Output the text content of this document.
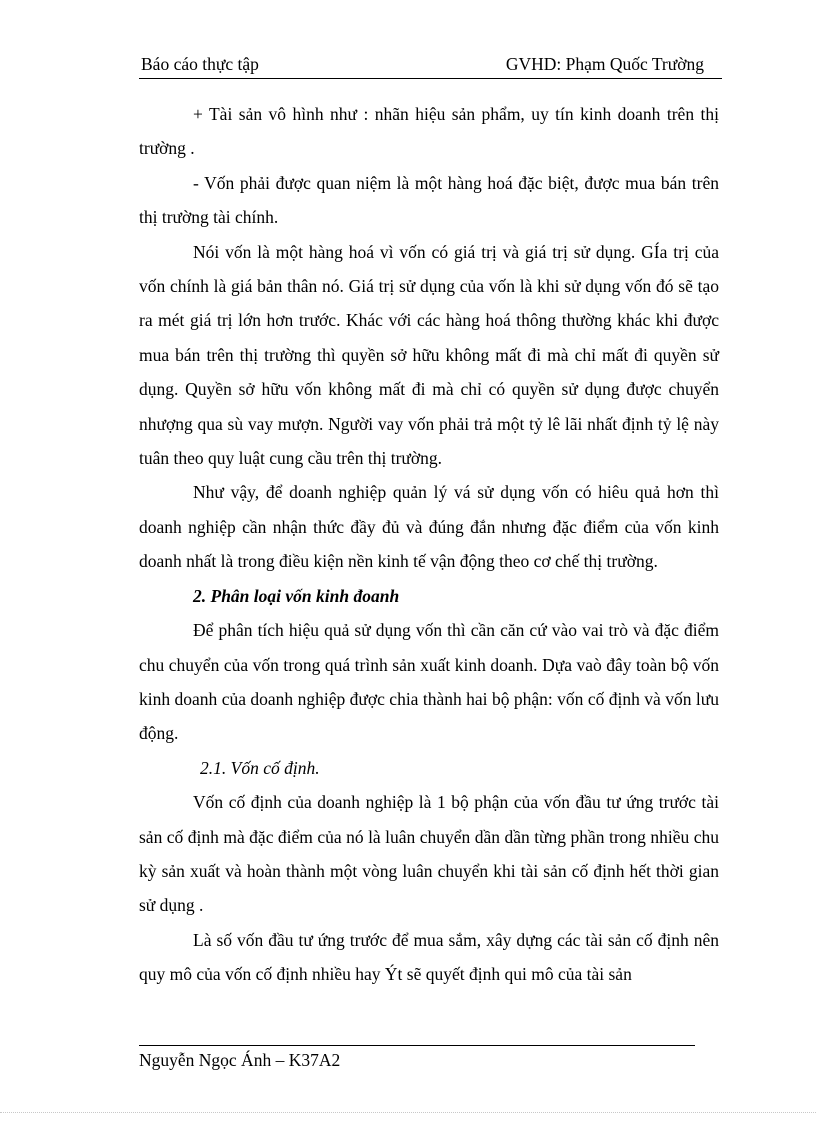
Báo cáo thực tập	GVHD: Phạm Quốc Trường

+ Tài sản vô hình như : nhãn hiệu sản phẩm, uy tín kinh doanh trên thị trường .

- Vốn phải được quan niệm là một hàng hoá đặc biệt, được mua bán trên thị trường tài chính.

Nói vốn là một hàng hoá vì vốn có giá trị và giá trị sử dụng. GÍa trị của vốn chính là giá bản thân nó. Giá trị sử dụng của vốn là khi sử dụng vốn đó sẽ tạo ra mét giá trị lớn hơn trước. Khác với các hàng hoá thông thường khác khi được mua bán trên thị trường thì quyền sở hữu không mất đi mà chỉ mất đi quyền sử dụng. Quyền sở hữu vốn không mất đi mà chỉ có quyền sử dụng được chuyển nhượng qua sù vay mượn. Người vay vốn phải trả một tỷ lê lãi nhất định tỷ lệ này tuân theo quy luật cung cầu trên thị trường.

Như vậy, để doanh nghiệp quản lý vá sử dụng vốn có hiêu quả hơn thì doanh nghiệp cần nhận thức đầy đủ và đúng đắn nhưng đặc điểm của vốn kinh doanh nhất là trong điều kiện nền kinh tế vận động theo cơ chế thị trường.

2. Phân loại vốn kinh đoanh

Để phân tích hiệu quả sử dụng vốn thì cần căn cứ vào vai trò và đặc điểm chu chuyển của vốn trong quá trình sản xuất kinh doanh. Dựa vaò đây toàn bộ vốn kinh doanh của doanh nghiệp được chia thành hai bộ phận: vốn cố định và vốn lưu động.

2.1. Vốn cố định.

Vốn cố định của doanh nghiệp là 1 bộ phận của vốn đầu tư ứng trước tài sản cố định mà đặc điểm của nó là luân chuyển dần dần từng phần trong nhiều chu kỳ sản xuất và hoàn thành một vòng luân chuyển khi tài sản cố định hết thời gian sử dụng .

Là số vốn đầu tư ứng trước để mua sắm, xây dựng các tài sản cố định nên quy mô của vốn cố định nhiều hay Ýt sẽ quyết định qui mô của tài sản

Nguyễn Ngọc Ánh – K37A2
